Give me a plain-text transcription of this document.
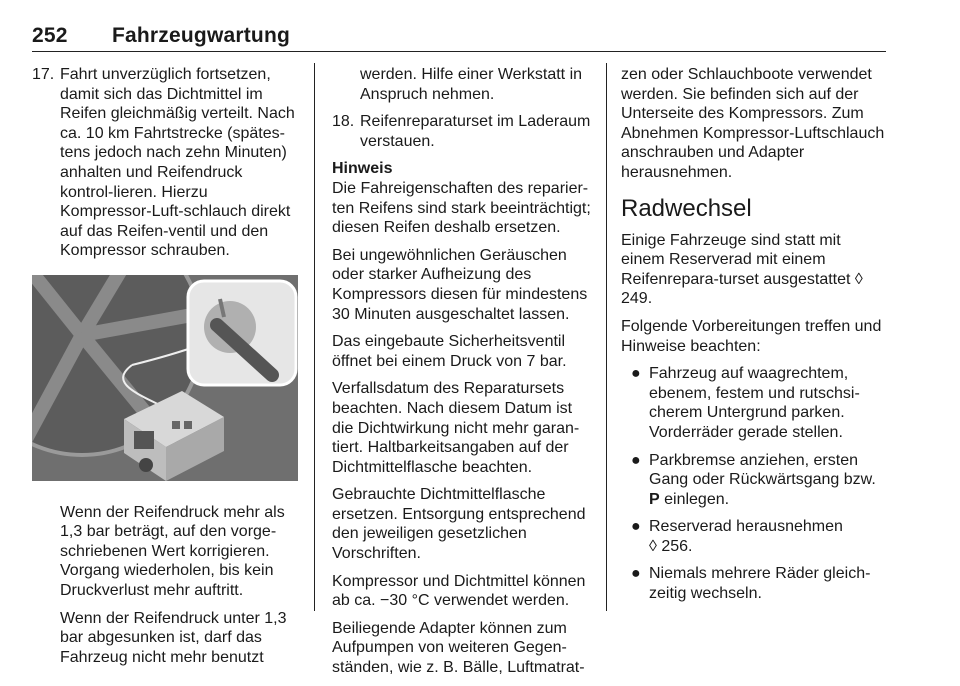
252 Fahrzeugwartung
17. Fahrt unverzüglich fortsetzen, damit sich das Dichtmittel im Reifen gleichmäßig verteilt. Nach ca. 10 km Fahrtstrecke (spätes-tens jedoch nach zehn Minuten) anhalten und Reifendruck kontrol-lieren. Hierzu Kompressor-Luft-schlauch direkt auf das Reifen-ventil und den Kompressor schrauben.

Wenn der Reifendruck mehr als 1,3 bar beträgt, auf den vorge-schriebenen Wert korrigieren. Vorgang wiederholen, bis kein Druckverlust mehr auftritt.

Wenn der Reifendruck unter 1,3 bar abgesunken ist, darf das Fahrzeug nicht mehr benutzt

werden. Hilfe einer Werkstatt in Anspruch nehmen.
18. Reifenreparaturset im Laderaum verstauen.

Hinweis

Die Fahreigenschaften des reparier-ten Reifens sind stark beeinträchtigt; diesen Reifen deshalb ersetzen.

Bei ungewöhnlichen Geräuschen oder starker Aufheizung des Kompressors diesen für mindestens 30 Minuten ausgeschaltet lassen.

Das eingebaute Sicherheitsventil öffnet bei einem Druck von 7 bar.

Verfallsdatum des Reparatursets beachten. Nach diesem Datum ist die Dichtwirkung nicht mehr garan-tiert. Haltbarkeitsangaben auf der Dichtmittelflasche beachten.

Gebrauchte Dichtmittelflasche ersetzen. Entsorgung entsprechend den jeweiligen gesetzlichen Vorschriften.

Kompressor und Dichtmittel können ab ca. −30 °C verwendet werden.

Beiliegende Adapter können zum Aufpumpen von weiteren Gegen-ständen, wie z. B. Bälle, Luftmatrat-

zen oder Schlauchboote verwendet werden. Sie befinden sich auf der Unterseite des Kompressors. Zum Abnehmen Kompressor-Luftschlauch anschrauben und Adapter herausnehmen.

Radwechsel

Einige Fahrzeuge sind statt mit einem Reserverad mit einem Reifenrepara-turset ausgestattet ◊ 249.

Folgende Vorbereitungen treffen und Hinweise beachten:

● Fahrzeug auf waagrechtem, ebenem, festem und rutschsi-cherem Untergrund parken. Vorderräder gerade stellen.
● Parkbremse anziehen, ersten Gang oder Rückwärtsgang bzw. P einlegen.
● Reserverad herausnehmen
◊ 256.
● Niemals mehrere Räder gleich-zeitig wechseln.
